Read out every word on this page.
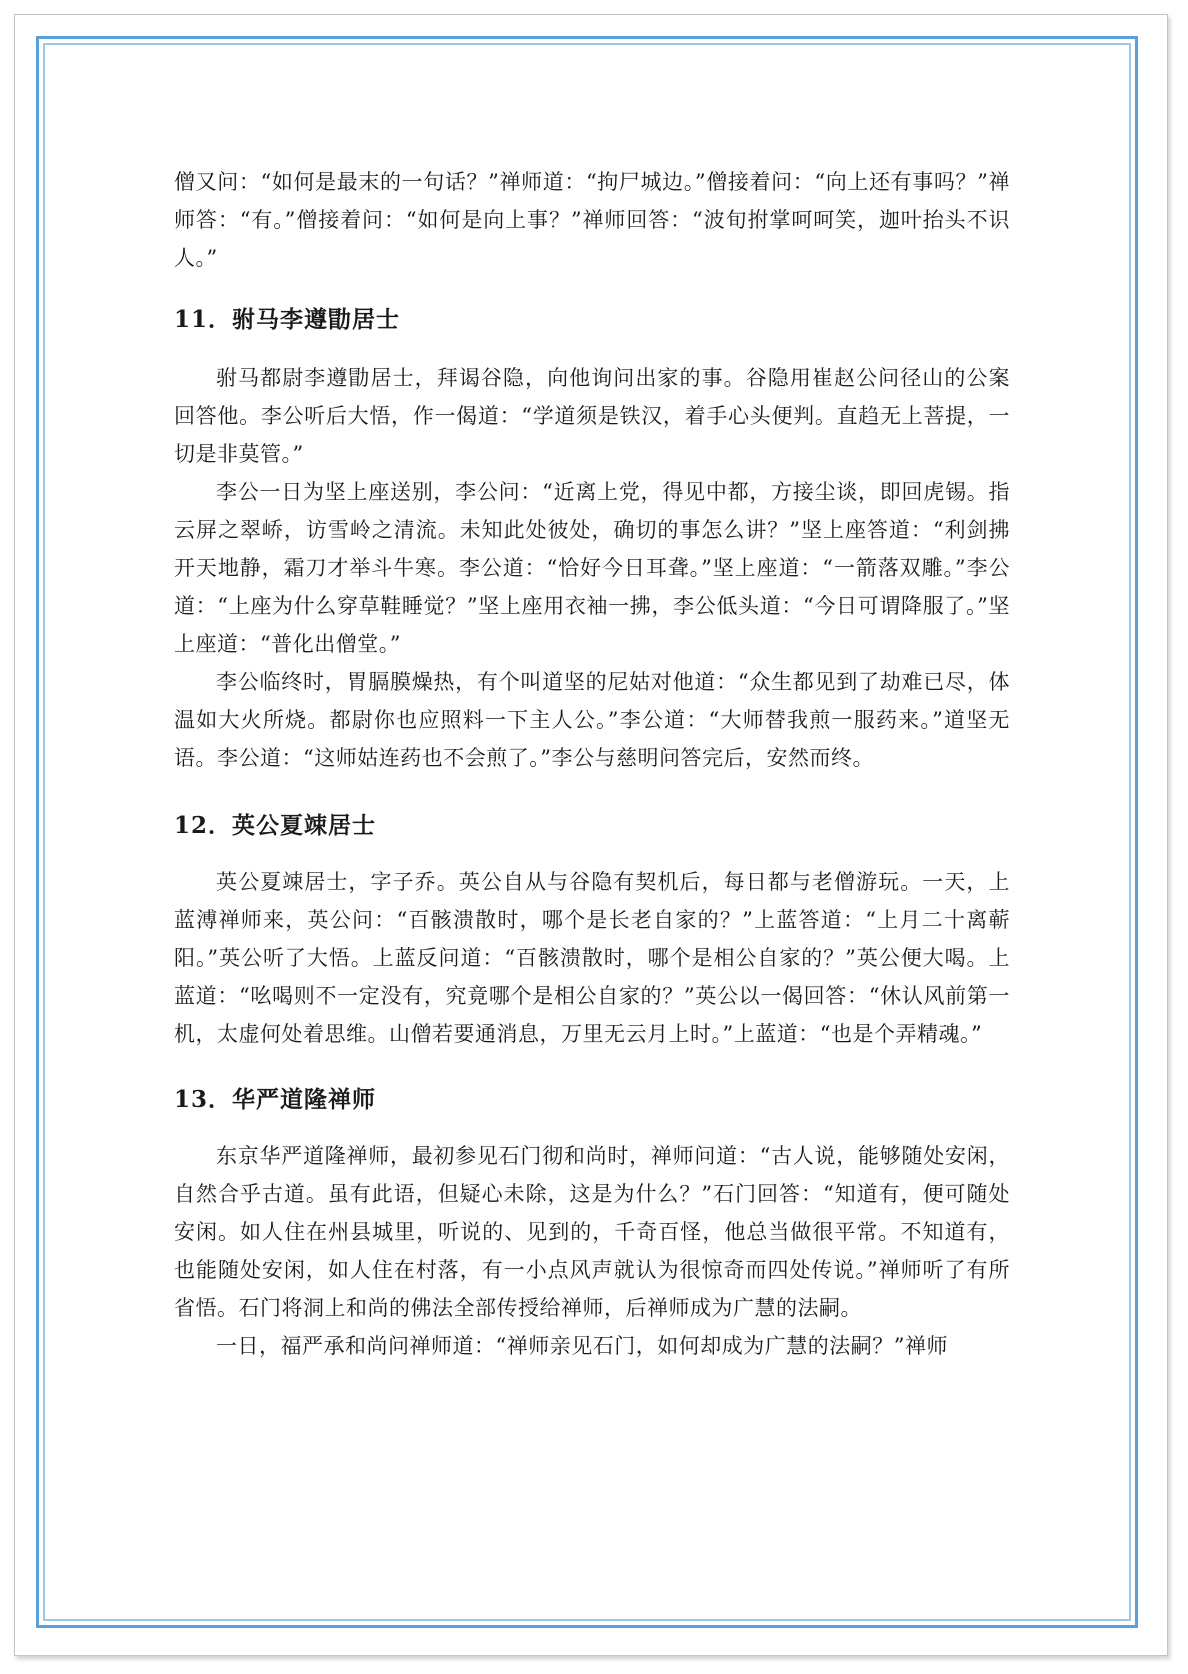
僧又问：“如何是最末的一句话？”禅师道：“拘尸城边。”僧接着问：“向上还有事吗？”禅师答：“有。”僧接着问：“如何是向上事？”禅师回答：“波旬拊掌呵呵笑，迦叶抬头不识人。”

11．驸马李遵勖居士

驸马都尉李遵勖居士，拜谒谷隐，向他询问出家的事。谷隐用崔赵公问径山的公案回答他。李公听后大悟，作一偈道：“学道须是铁汉，着手心头便判。直趋无上菩提，一切是非莫管。”

李公一日为坚上座送别，李公问：“近离上党，得见中都，方接尘谈，即回虎锡。指云屏之翠峤，访雪岭之清流。未知此处彼处，确切的事怎么讲？”坚上座答道：“利剑拂开天地静，霜刀才举斗牛寒。李公道：“恰好今日耳聋。”坚上座道：“一箭落双雕。”李公道：“上座为什么穿草鞋睡觉？”坚上座用衣袖一拂，李公低头道：“今日可谓降服了。”坚上座道：“普化出僧堂。”

李公临终时，胃膈膜燥热，有个叫道坚的尼姑对他道：“众生都见到了劫难已尽，体温如大火所烧。都尉你也应照料一下主人公。”李公道：“大师替我煎一服药来。”道坚无语。李公道：“这师姑连药也不会煎了。”李公与慈明问答完后，安然而终。

12．英公夏竦居士

英公夏竦居士，字子乔。英公自从与谷隐有契机后，每日都与老僧游玩。一天，上蓝溥禅师来，英公问：“百骸溃散时，哪个是长老自家的？”上蓝答道：“上月二十离蕲阳。”英公听了大悟。上蓝反问道：“百骸溃散时，哪个是相公自家的？”英公便大喝。上蓝道：“吆喝则不一定没有，究竟哪个是相公自家的？”英公以一偈回答：“休认风前第一机，太虚何处着思维。山僧若要通消息，万里无云月上时。”上蓝道：“也是个弄精魂。”

13．华严道隆禅师

东京华严道隆禅师，最初参见石门彻和尚时，禅师问道：“古人说，能够随处安闲，自然合乎古道。虽有此语，但疑心未除，这是为什么？”石门回答：“知道有，便可随处安闲。如人住在州县城里，听说的、见到的，千奇百怪，他总当做很平常。不知道有，也能随处安闲，如人住在村落，有一小点风声就认为很惊奇而四处传说。”禅师听了有所省悟。石门将洞上和尚的佛法全部传授给禅师，后禅师成为广慧的法嗣。

一日，福严承和尚问禅师道：“禅师亲见石门，如何却成为广慧的法嗣？”禅师
